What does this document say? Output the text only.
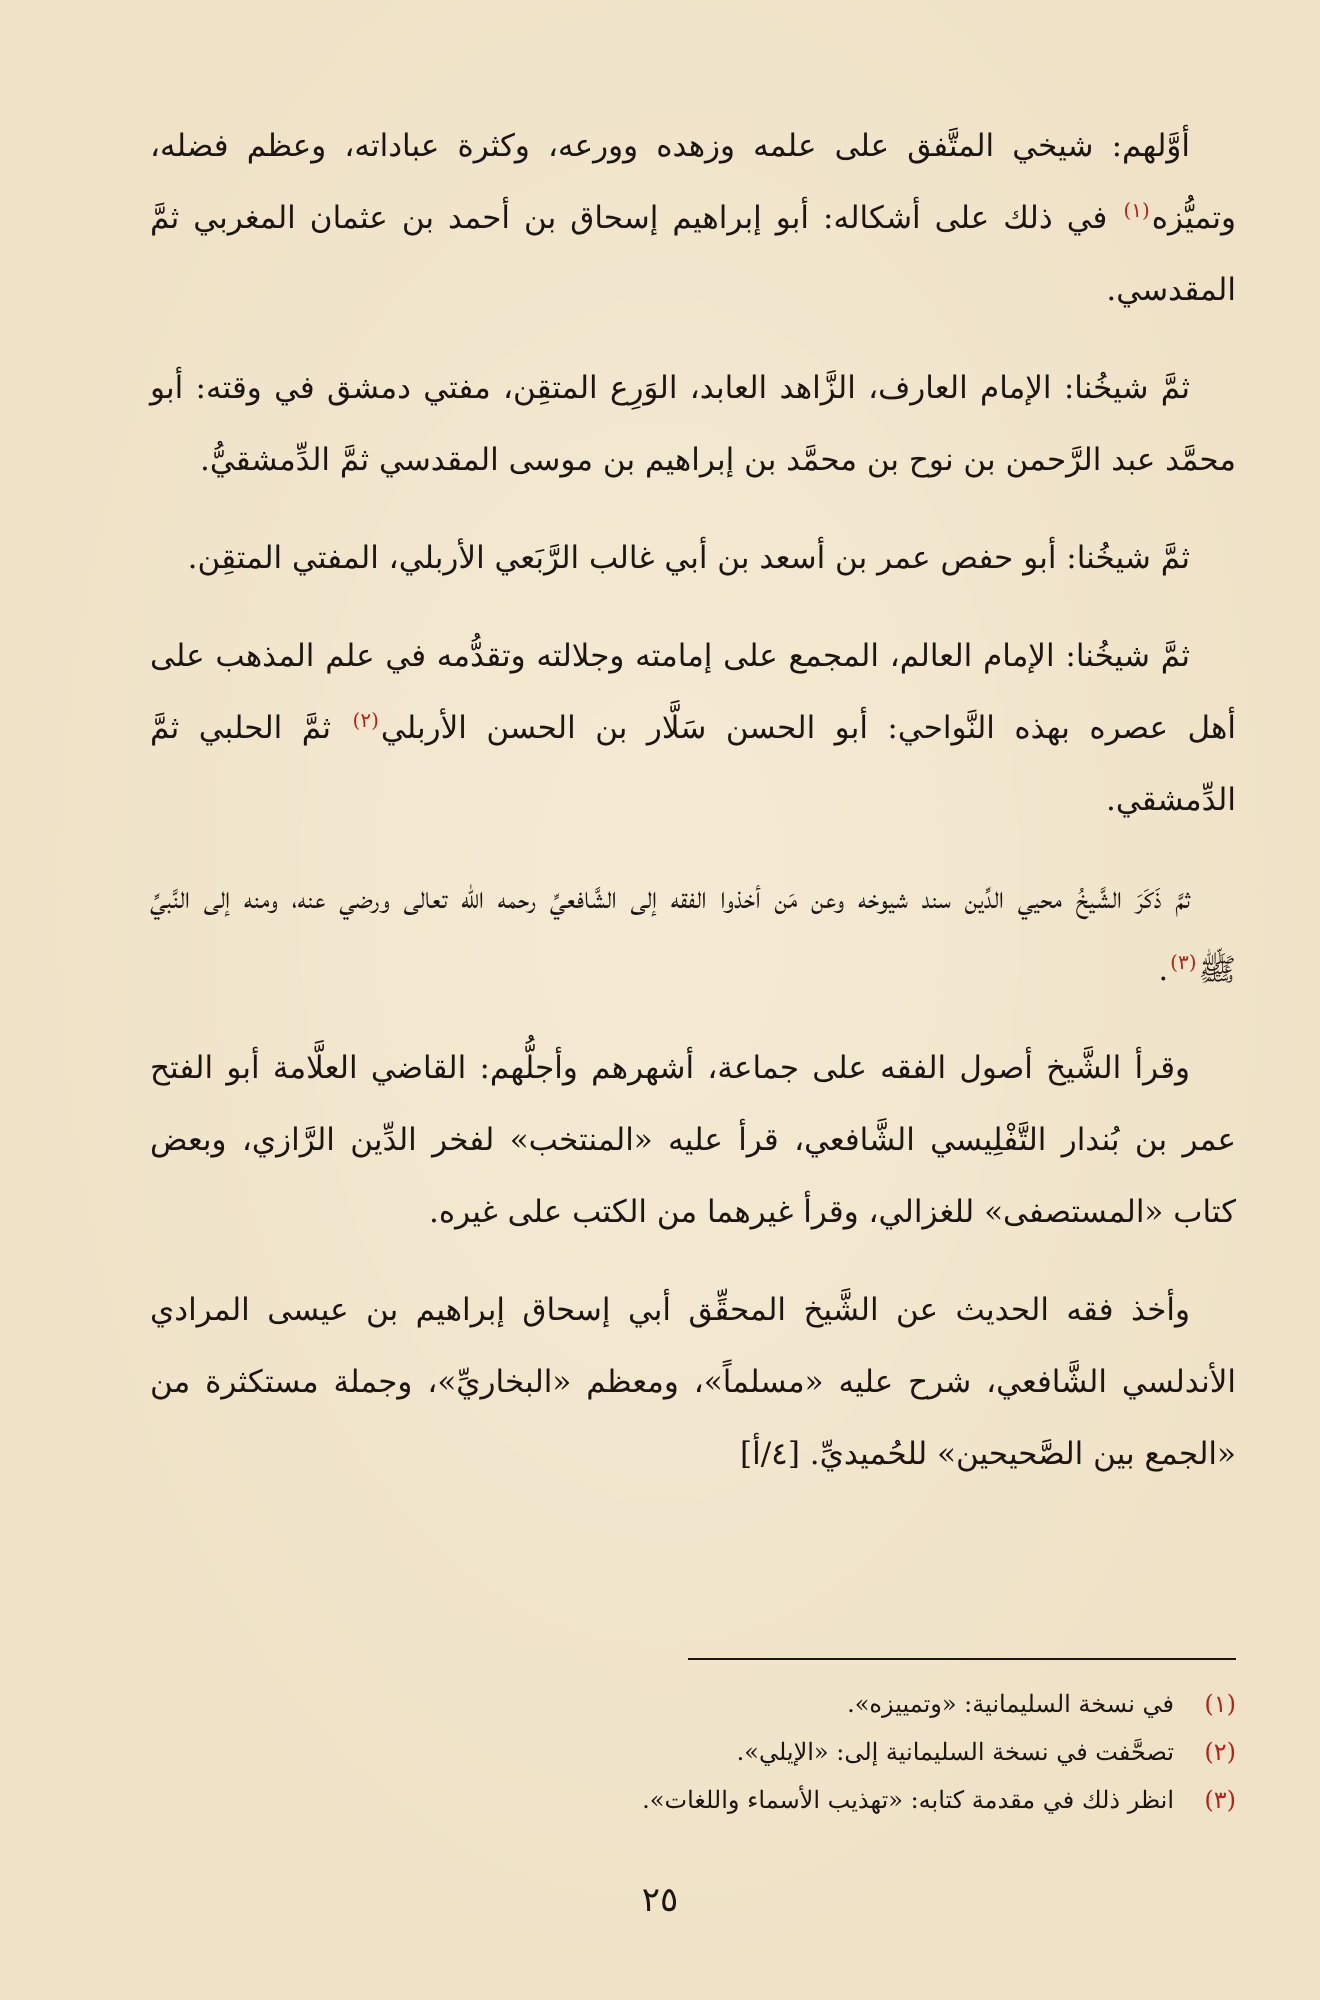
أوَّلهم: شيخي المتَّفق على علمه وزهده وورعه، وكثرة عباداته، وعظم فضله، وتميُّزه$^{(١)}$ في ذلك على أشكاله: أبو إبراهيم إسحاق بن أحمد بن عثمان المغربي ثمَّ المقدسي.

ثمَّ شيخُنا: الإمام العارف، الزَّاهد العابد، الوَرِع المتقِن، مفتي دمشق في وقته: أبو محمَّد عبد الرَّحمن بن نوح بن محمَّد بن إبراهيم بن موسى المقدسي ثمَّ الدِّمشقيُّ.

ثمَّ شيخُنا: أبو حفص عمر بن أسعد بن أبي غالب الرَّبَعي الأربلي، المفتي المتقِن.

ثمَّ شيخُنا: الإمام العالم، المجمع على إمامته وجلالته وتقدُّمه في علم المذهب على أهل عصره بهذه النَّواحي: أبو الحسن سَلَّار بن الحسن الأربلي$^{(٢)}$ ثمَّ الحلبي ثمَّ الدِّمشقي.

ثمَّ ذَكَرَ الشَّيخُ محيي الدِّين سند شيوخه وعن مَن أخذوا الفقه إلى الشَّافعيِّ رحمه الله تعالى ورضي عنه، ومنه إلى النَّبيِّ ﷺ$^{(٣)}$.

وقرأ الشَّيخ أصول الفقه على جماعة، أشهرهم وأجلُّهم: القاضي العلَّامة أبو الفتح عمر بن بُندار التَّفْلِيسي الشَّافعي، قرأ عليه «المنتخب» لفخر الدِّين الرَّازي، وبعض كتاب «المستصفى» للغزالي، وقرأ غيرهما من الكتب على غيره.

وأخذ فقه الحديث عن الشَّيخ المحقِّق أبي إسحاق إبراهيم بن عيسى المرادي الأندلسي الشَّافعي، شرح عليه «مسلماً»، ومعظم «البخاريِّ»، وجملة مستكثرة من «الجمع بين الصَّحيحين» للحُميديِّ. [٤/أ]

(١)
في نسخة السليمانية: «وتمييزه».
(٢)
تصحَّفت في نسخة السليمانية إلى: «الإيلي».
(٣)
انظر ذلك في مقدمة كتابه: «تهذيب الأسماء واللغات».
٢٥
